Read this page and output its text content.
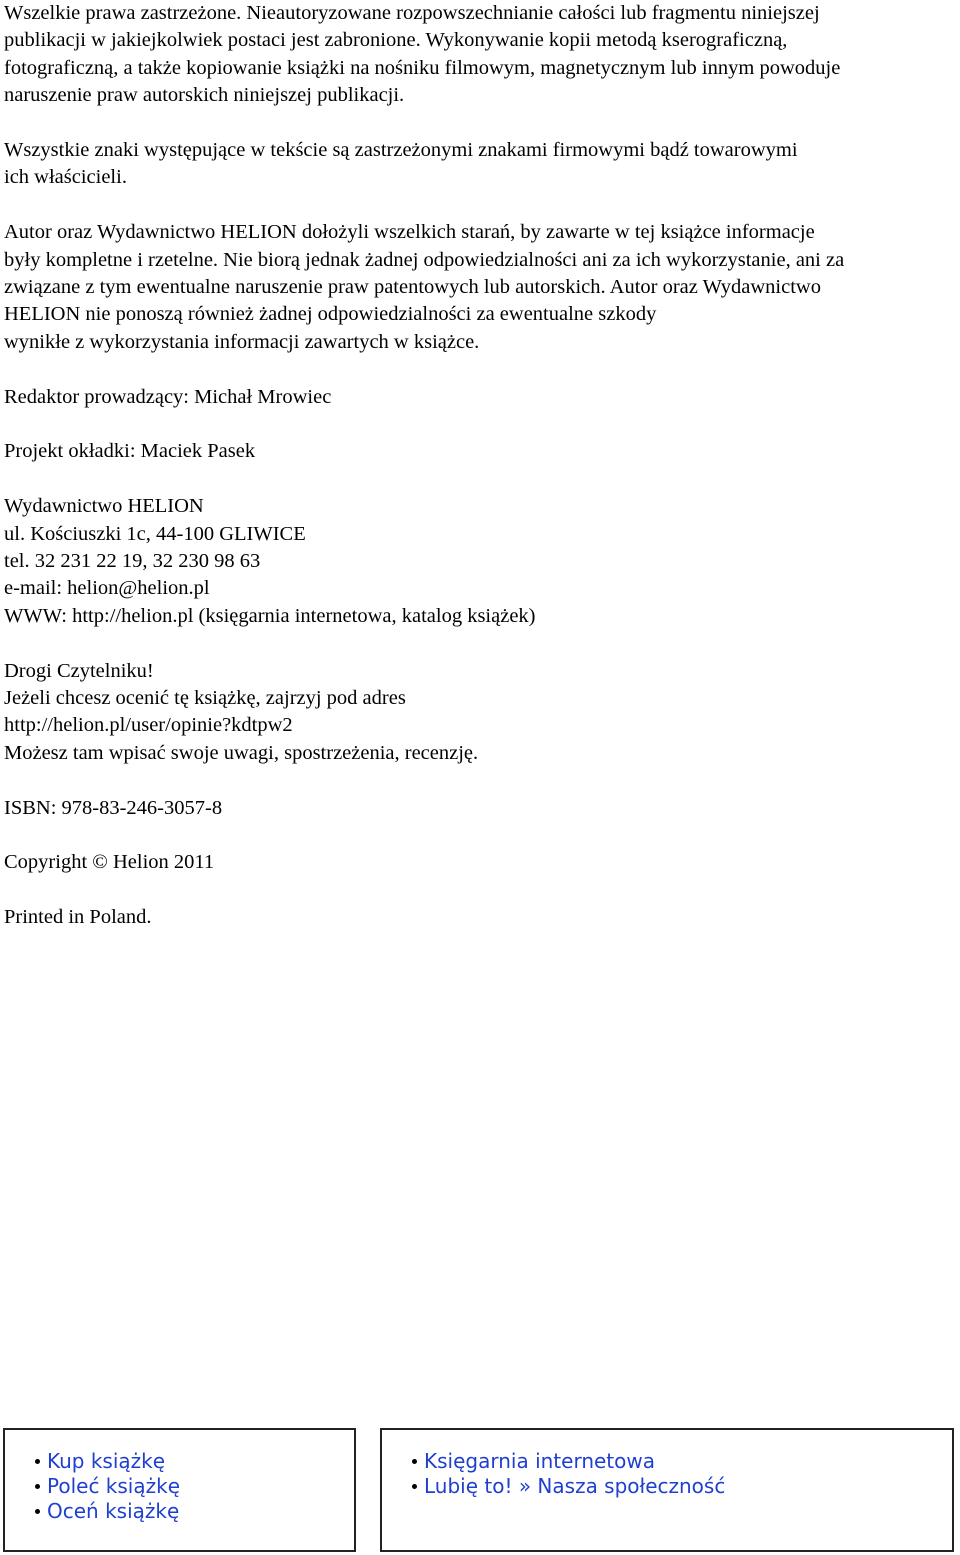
Wszelkie prawa zastrzeżone. Nieautoryzowane rozpowszechnianie całości lub fragmentu niniejszej

publikacji w jakiejkolwiek postaci jest zabronione. Wykonywanie kopii metodą kserograficzną,

fotograficzną, a także kopiowanie książki na nośniku filmowym, magnetycznym lub innym powoduje

naruszenie praw autorskich niniejszej publikacji.

Wszystkie znaki występujące w tekście są zastrzeżonymi znakami firmowymi bądź towarowymi

ich właścicieli.

Autor oraz Wydawnictwo HELION dołożyli wszelkich starań, by zawarte w tej książce informacje

były kompletne i rzetelne. Nie biorą jednak żadnej odpowiedzialności ani za ich wykorzystanie, ani za

związane z tym ewentualne naruszenie praw patentowych lub autorskich. Autor oraz Wydawnictwo

HELION nie ponoszą również żadnej odpowiedzialności za ewentualne szkody

wynikłe z wykorzystania informacji zawartych w książce.

Redaktor prowadzący: Michał Mrowiec

Projekt okładki: Maciek Pasek

Wydawnictwo HELION

ul. Kościuszki 1c, 44-100 GLIWICE

tel. 32 231 22 19, 32 230 98 63

e-mail: helion@helion.pl

WWW: http://helion.pl (księgarnia internetowa, katalog książek)

Drogi Czytelniku!

Jeżeli chcesz ocenić tę książkę, zajrzyj pod adres

http://helion.pl/user/opinie?kdtpw2

Możesz tam wpisać swoje uwagi, spostrzeżenia, recenzję.

ISBN: 978-83-246-3057-8

Copyright © Helion 2011

Printed in Poland.

Kup książkę
Poleć książkę
Oceń książkę
Księgarnia internetowa
Lubię to! » Nasza społeczność
